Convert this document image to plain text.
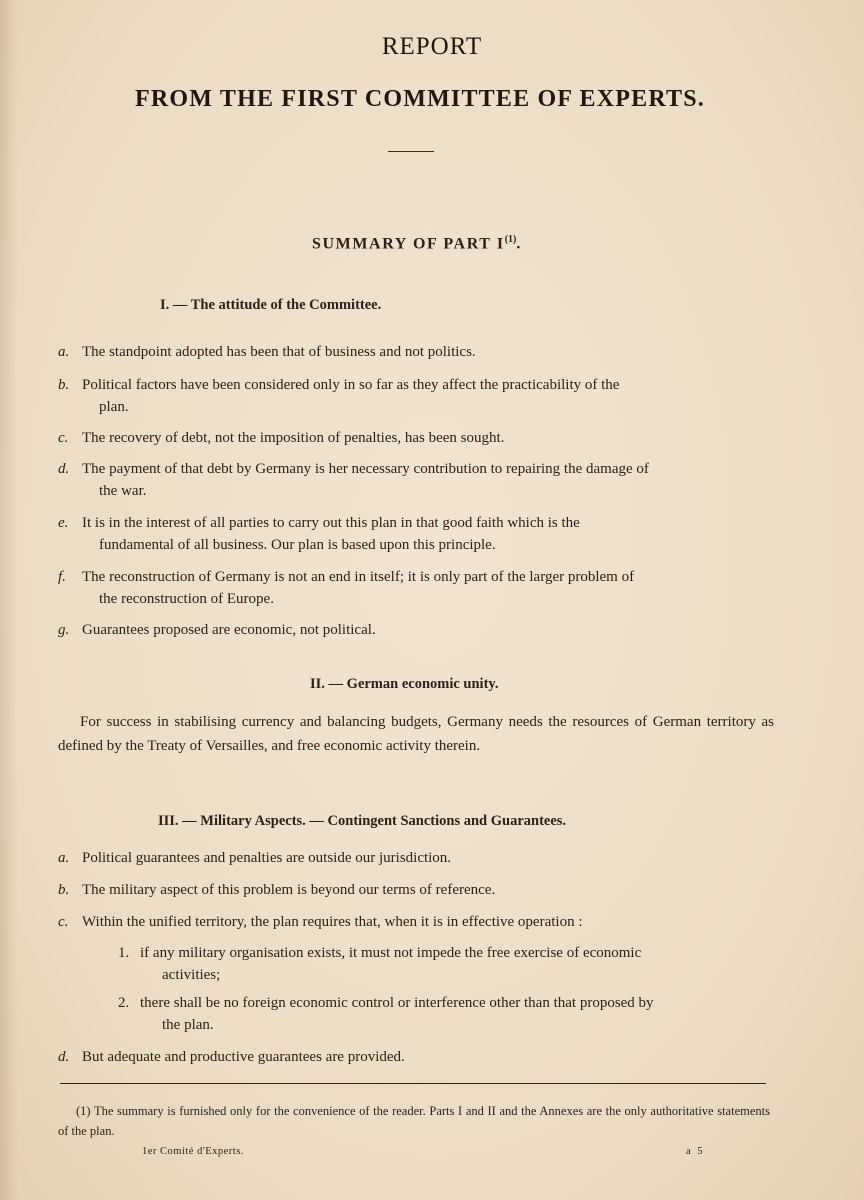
REPORT
FROM THE FIRST COMMITTEE OF EXPERTS.
SUMMARY OF PART $I^{(1)}$.
I. — The attitude of the Committee.
a. The standpoint adopted has been that of business and not politics.
b. Political factors have been considered only in so far as they affect the practicability of the
plan.
c. The recovery of debt, not the imposition of penalties, has been sought.
d. The payment of that debt by Germany is her necessary contribution to repairing the damage of
the war.
e. It is in the interest of all parties to carry out this plan in that good faith which is the
fundamental of all business. Our plan is based upon this principle.
f. The reconstruction of Germany is not an end in itself; it is only part of the larger problem of
the reconstruction of Europe.
g. Guarantees proposed are economic, not political.
II. — German economic unity.
For success in stabilising currency and balancing budgets, Germany needs the resources of German territory as defined by the Treaty of Versailles, and free economic activity therein.
III. — Military Aspects. — Contingent Sanctions and Guarantees.
a. Political guarantees and penalties are outside our jurisdiction.
b. The military aspect of this problem is beyond our terms of reference.
c. Within the unified territory, the plan requires that, when it is in effective operation :
1. if any military organisation exists, it must not impede the free exercise of economic
activities;
2. there shall be no foreign economic control or interference other than that proposed by
the plan.
d. But adequate and productive guarantees are provided.
(1) The summary is furnished only for the convenience of the reader. Parts I and II and the Annexes are the only authoritative statements of the plan.
1er Comité d'Experts.	a 5
